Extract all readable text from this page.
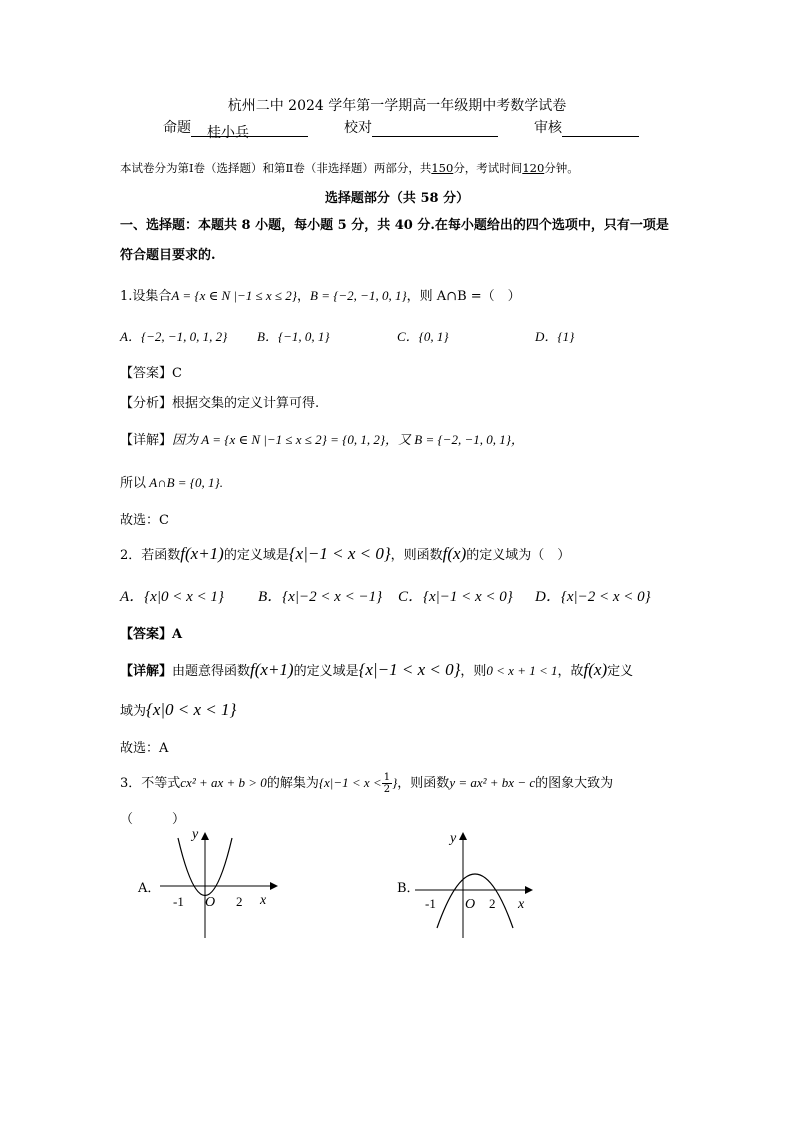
杭州二中 2024 学年第一学期高一年级期中考数学试卷
命题 桂小兵	校对	审核
本试卷分为第Ⅰ卷（选择题）和第Ⅱ卷（非选择题）两部分，共150分，考试时间120分钟。
选择题部分（共 58 分）
一、选择题：本题共 8 小题，每小题 5 分，共 40 分.在每小题给出的四个选项中，只有一项是符合题目要求的.
1.设集合A = {x ∈ N |−1 ≤ x ≤ 2}，B = {−2, −1, 0, 1}，则 A∩B =（　）
A．{−2, −1, 0, 1, 2} B．{−1, 0, 1}	C．{0, 1}	D．{1}
【答案】C
【分析】根据交集的定义计算可得.
【详解】因为 A = {x ∈ N |−1 ≤ x ≤ 2} = {0, 1, 2}，又 B = {−2, −1, 0, 1}，
所以 A∩B = {0, 1}.
故选：C
2．若函数f(x+1)的定义域是{x|−1 < x < 0}，则函数f(x)的定义域为（　）
A．{x|0 < x < 1} B．{x|−2 < x < −1} C．{x|−1 < x < 0} D．{x|−2 < x < 0}
【答案】A
【详解】由题意得函数f(x+1)的定义域是{x|−1 < x < 0}，则0 < x + 1 < 1，故f(x)定义
域为{x|0 < x < 1}
故选：A
3．不等式cx² + ax + b > 0的解集为{$x|-1 < x < \frac{1}{2}$ }，则函数y = ax² + bx − c的图象大致为
（　　　）
A．
y
x
O
-1	2
B．
y
x
O
-1	2
